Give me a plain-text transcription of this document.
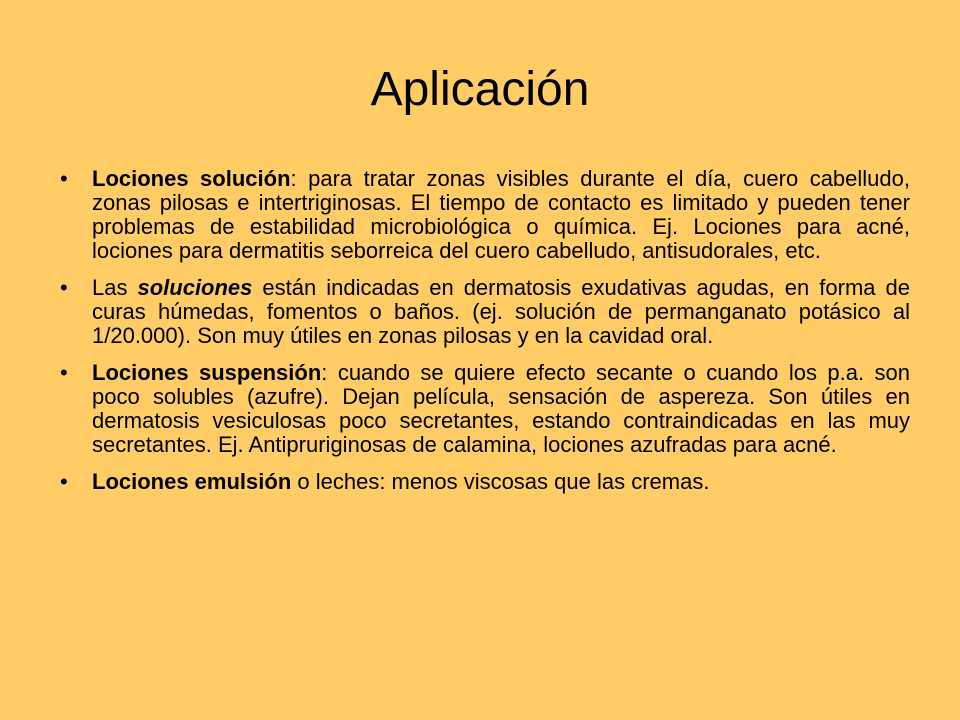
Aplicación
• Lociones solución: para tratar zonas visibles durante el día, cuero cabelludo, zonas pilosas e intertriginosas. El tiempo de contacto es limitado y pueden tener problemas de estabilidad microbiológica o química. Ej. Lociones para acné, lociones para dermatitis seborreica del cuero cabelludo, antisudorales, etc.
• Las soluciones están indicadas en dermatosis exudativas agudas, en forma de curas húmedas, fomentos o baños. (ej. solución de permanganato potásico al 1/20.000). Son muy útiles en zonas pilosas y en la cavidad oral.
• Lociones suspensión: cuando se quiere efecto secante o cuando los p.a. son poco solubles (azufre). Dejan película, sensación de aspereza. Son útiles en dermatosis vesiculosas poco secretantes, estando contraindicadas en las muy secretantes. Ej. Antipruriginosas de calamina, lociones azufradas para acné.
• Lociones emulsión o leches: menos viscosas que las cremas.
